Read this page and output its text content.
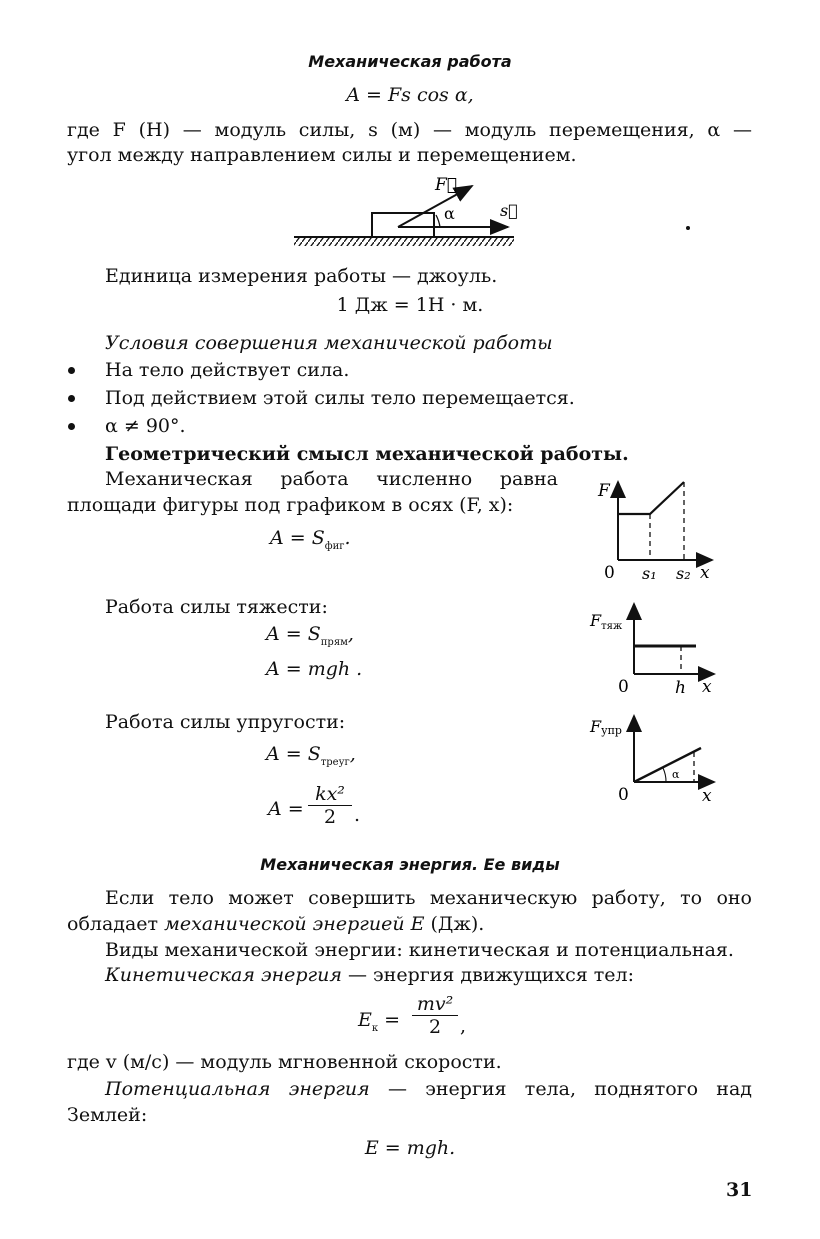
Механическая работа
A = Fs cos α,
где F (Н) — модуль силы, s (м) — модуль перемещения, α —
угол между направлением силы и перемещением.
F⃗
α	s⃗
Единица измерения работы — джоуль.
1 Дж = 1Н · м.
Условия совершения механической работы
На тело действует сила.
Под действием этой силы тело перемещается.
α ≠ 90°.
Геометрический смысл механической работы.
Механическая работа численно равна
площади фигуры под графиком в осях (F, x):
$A = S_{фиг}$.
F
0 s₁ s₂ x
Работа силы тяжести:
$A = S_{прям}$,
A = mgh .
Fтяж
0	h x
Работа силы упругости:
$A = S_{треуг}$,
A =
kx²
2 .
α
Fупр
0	x
Механическая энергия. Ее виды
Если тело может совершить механическую работу, то оно
обладает механической энергией E (Дж).
Виды механической энергии: кинетическая и потенциальная.
Кинетическая энергия — энергия движущихся тел:
$E_к$ =
mv²
2 ,
где v (м/с) — модуль мгновенной скорости.
Потенциальная энергия — энергия тела, поднятого над
Землей:
E = mgh.
31
